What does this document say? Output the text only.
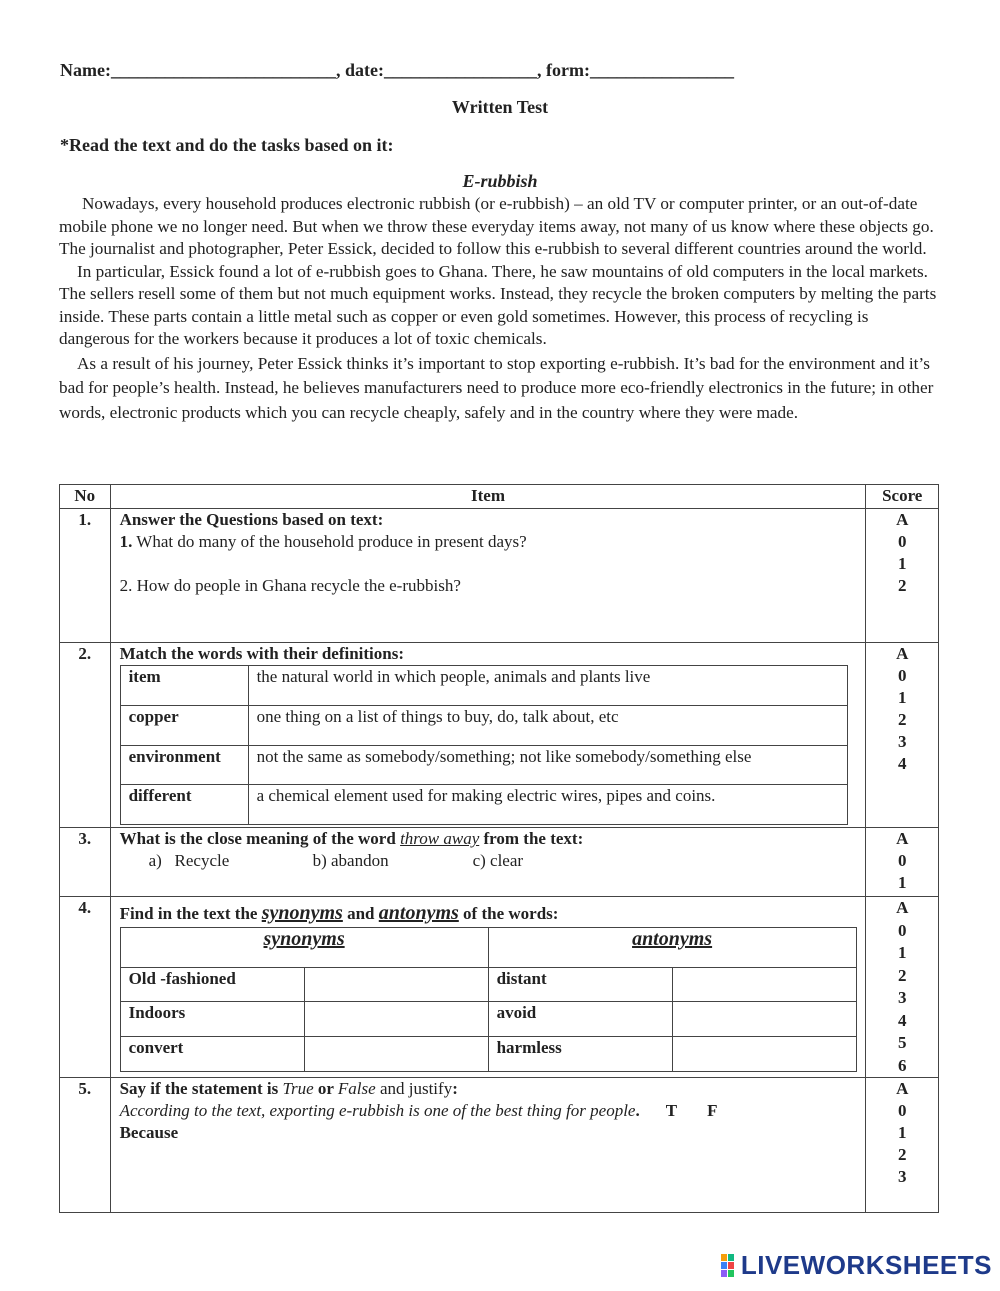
Name:_________________________, date:_________________, form:________________
Written Test
*Read the text and do the tasks based on it:
E-rubbish

Nowadays, every household produces electronic rubbish (or e-rubbish) – an old TV or computer printer, or an out-of-date mobile phone we no longer need. But when we throw these everyday items away, not many of us know where these objects go. The journalist and photographer, Peter Essick, decided to follow this e-rubbish to several different countries around the world.

In particular, Essick found a lot of e-rubbish goes to Ghana. There, he saw mountains of old computers in the local markets. The sellers resell some of them but not much equipment works. Instead, they recycle the broken computers by melting the parts inside. These parts contain a little metal such as copper or even gold sometimes. However, this process of recycling is dangerous for the workers because it produces a lot of toxic chemicals.

As a result of his journey, Peter Essick thinks it’s important to stop exporting e-rubbish. It’s bad for the environment and it’s bad for people’s health. Instead, he believes manufacturers need to produce more eco-friendly electronics in the future; in other words, electronic products which you can recycle cheaply, safely and in the country where they were made.

No	Item	Score
1.	Answer the Questions based on text:
1. What do many of the household produce in present days?
2. How do people in Ghana recycle the e-rubbish?

A
0
1
2

2.	Match the words with their definitions:
item	the natural world in which people, animals and plants live
copper	one thing on a list of things to buy, do, talk about, etc
environment	not the same as somebody/something; not like somebody/something else
different	a chemical element used for making electric wires, pipes and coins.

A
0
1
2
3
4

3.	What is the close meaning of the word throw away from the text:
a)   Recycle	b) abandon	c) clear

A
0
1

4.	Find in the text the synonyms and antonyms of the words:
synonyms	antonyms
Old -fashioned		distant	
Indoors		avoid	
convert		harmless	

A
0
1
2
3
4
5
6

5.	Say if the statement is True or False and justify:
According to the text, exporting e-rubbish is one of the best thing for people. T F
Because

A
0
1
2
3
LIVEWORKSHEETS
